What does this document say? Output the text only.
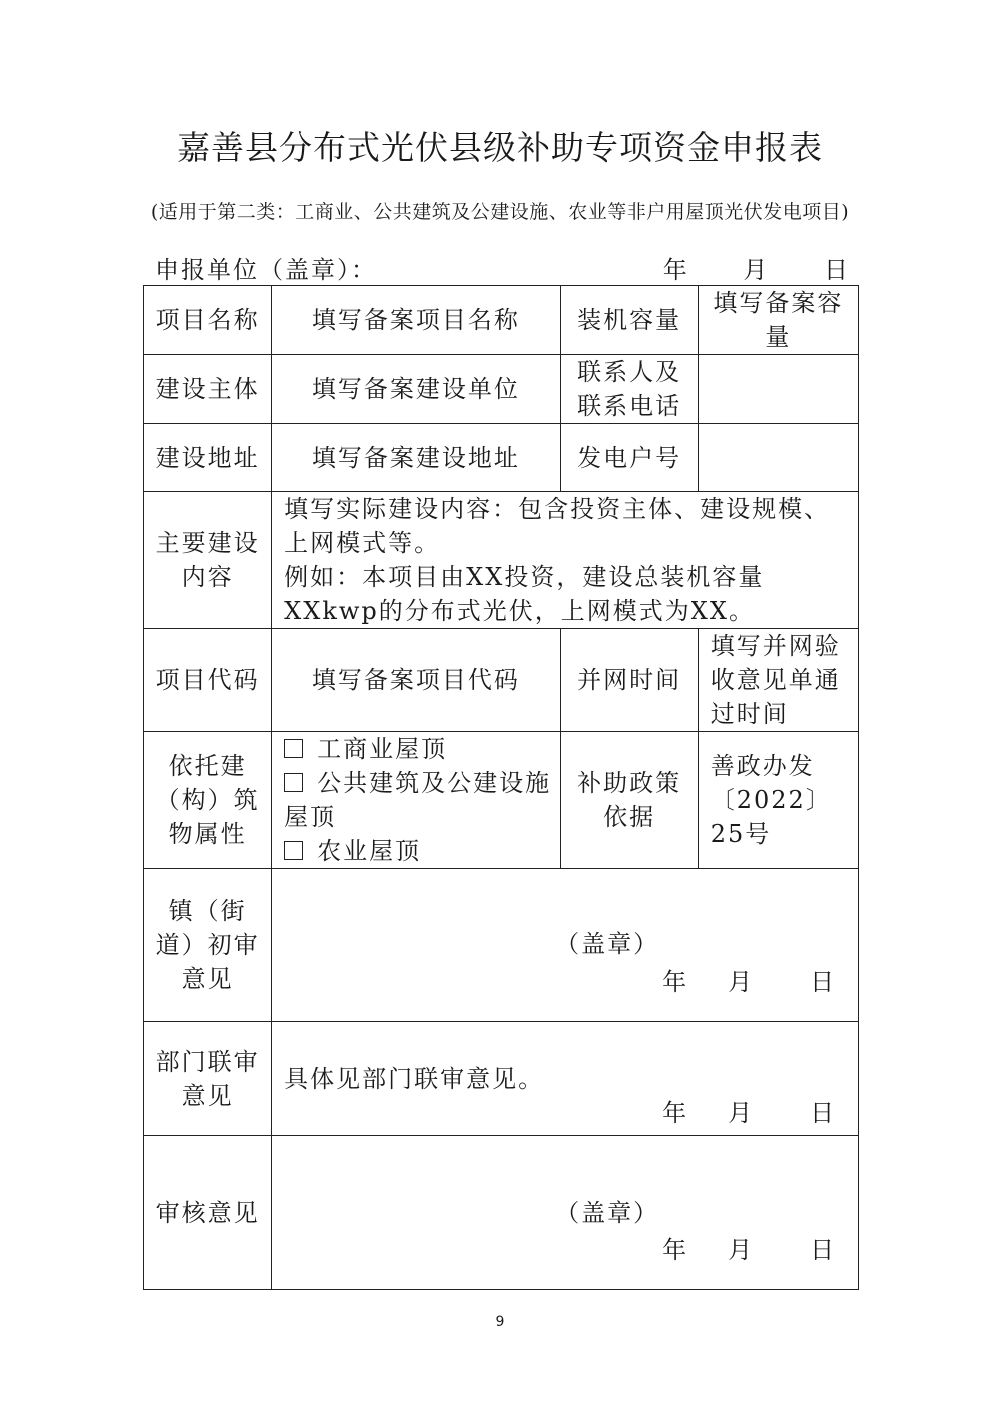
嘉善县分布式光伏县级补助专项资金申报表
(适用于第二类：工商业、公共建筑及公建设施、农业等非户用屋顶光伏发电项目)
申报单位（盖章）：	年 月 日
项目名称	填写备案项目名称	装机容量	填写备案容量
建设主体	填写备案建设单位	联系人及联系电话	
建设地址	填写备案建设地址	发电户号	
主要建设内容	填写实际建设内容：包含投资主体、建设规模、上网模式等。
例如：本项目由XX投资，建设总装机容量XXkwp的分布式光伏，上网模式为XX。		

项目代码	填写备案项目代码	并网时间	填写并网验收意见单通过时间
依托建（构）筑物属性	工商业屋顶
公共建筑及公建设施屋顶
农业屋顶	补助政策依据	善政办发〔2022〕25号
镇（街道）初审意见	（盖章）
年 月 日		

部门联审意见	具体见部门联审意见。
年 月 日		

审核意见	（盖章）
年 月 日		
9
